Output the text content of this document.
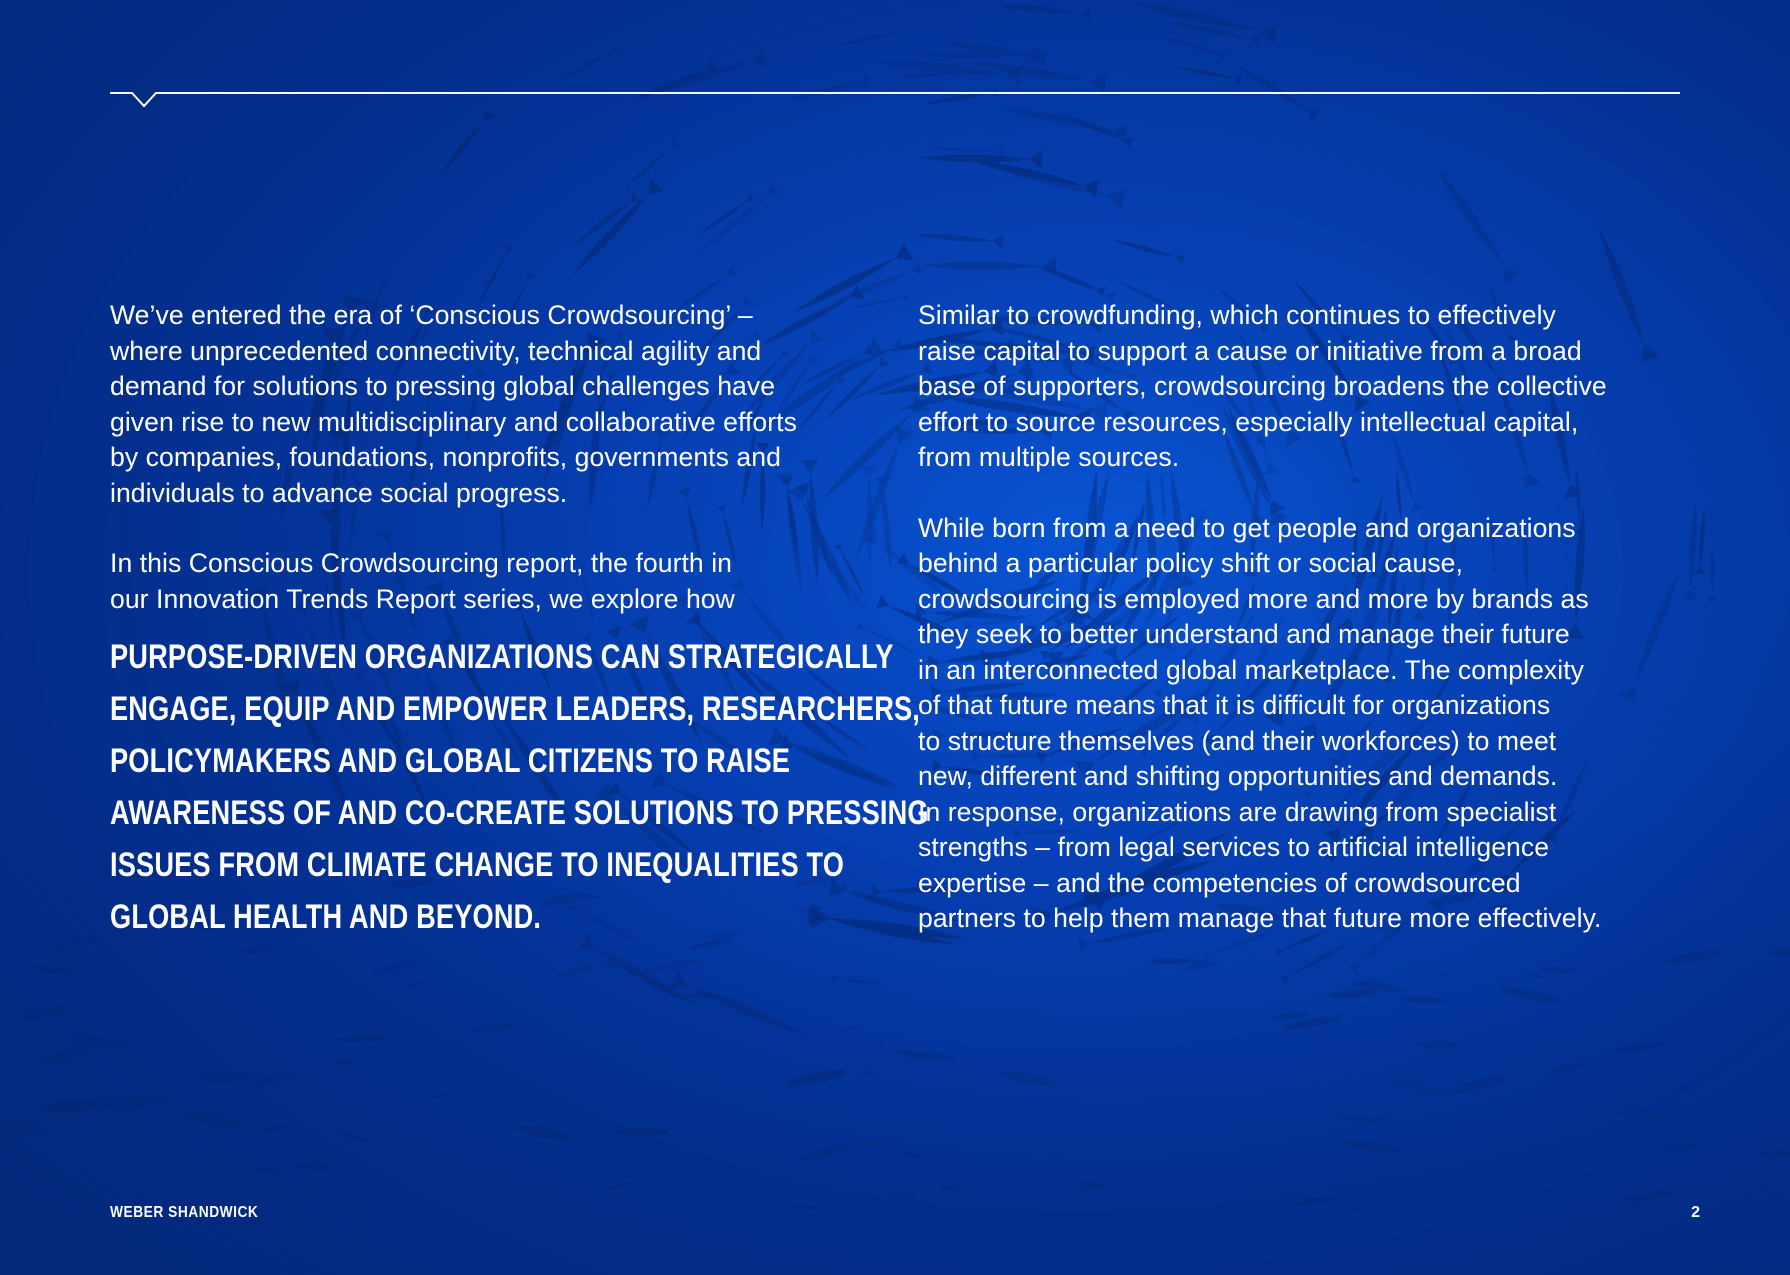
We’ve entered the era of ‘Conscious Crowdsourcing’ –
where unprecedented connectivity, technical agility and
demand for solutions to pressing global challenges have
given rise to new multidisciplinary and collaborative efforts
by companies, foundations, nonprofits, governments and
individuals to advance social progress.

In this Conscious Crowdsourcing report, the fourth in
our Innovation Trends Report series, we explore how

PURPOSE-DRIVEN ORGANIZATIONS CAN STRATEGICALLY
ENGAGE, EQUIP AND EMPOWER LEADERS, RESEARCHERS,
POLICYMAKERS AND GLOBAL CITIZENS TO RAISE
AWARENESS OF AND CO-CREATE SOLUTIONS TO PRESSING
ISSUES FROM CLIMATE CHANGE TO INEQUALITIES TO
GLOBAL HEALTH AND BEYOND.

Similar to crowdfunding, which continues to effectively
raise capital to support a cause or initiative from a broad
base of supporters, crowdsourcing broadens the collective
effort to source resources, especially intellectual capital,
from multiple sources.

While born from a need to get people and organizations
behind a particular policy shift or social cause,
crowdsourcing is employed more and more by brands as
they seek to better understand and manage their future
in an interconnected global marketplace. The complexity
of that future means that it is difficult for organizations
to structure themselves (and their workforces) to meet
new, different and shifting opportunities and demands.
In response, organizations are drawing from specialist
strengths – from legal services to artificial intelligence
expertise – and the competencies of crowdsourced
partners to help them manage that future more effectively.

WEBER SHANDWICK	2
